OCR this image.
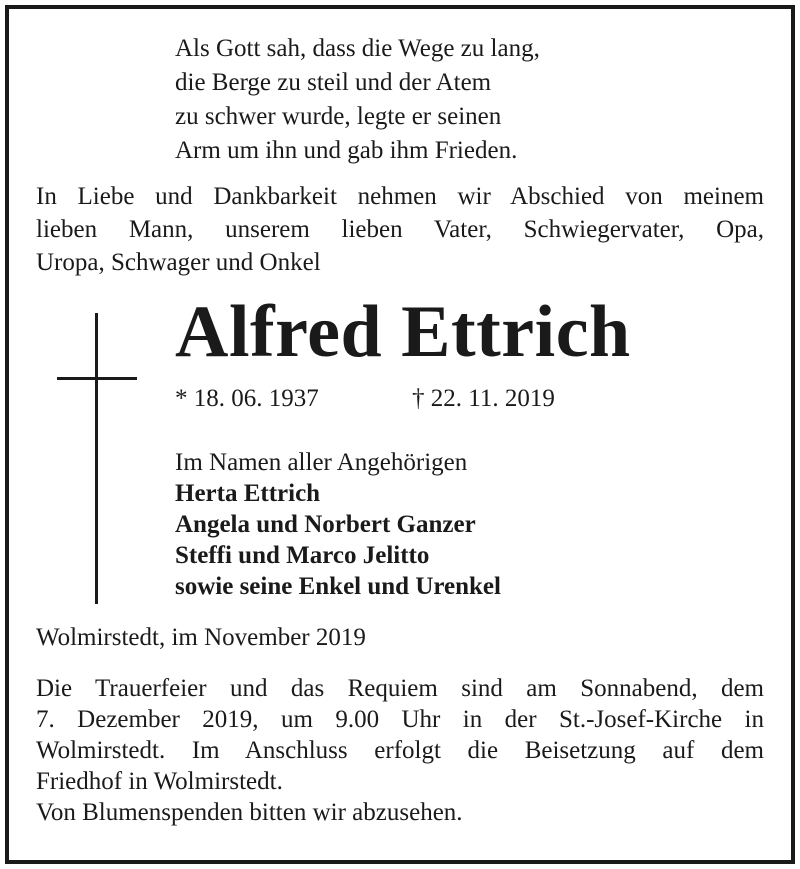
Als Gott sah, dass die Wege zu lang,
die Berge zu steil und der Atem
zu schwer wurde, legte er seinen
Arm um ihn und gab ihm Frieden.
In Liebe und Dankbarkeit nehmen wir Abschied von meinem
lieben Mann, unserem lieben Vater, Schwiegervater, Opa,
Uropa, Schwager und Onkel
Alfred Ettrich
* 18. 06. 1937	† 22. 11. 2019
Im Namen aller Angehörigen
Herta Ettrich
Angela und Norbert Ganzer
Steffi und Marco Jelitto
sowie seine Enkel und Urenkel
Wolmirstedt, im November 2019
Die Trauerfeier und das Requiem sind am Sonnabend, dem
7. Dezember 2019, um 9.00 Uhr in der St.-Josef-Kirche in
Wolmirstedt. Im Anschluss erfolgt die Beisetzung auf dem
Friedhof in Wolmirstedt.
Von Blumenspenden bitten wir abzusehen.
